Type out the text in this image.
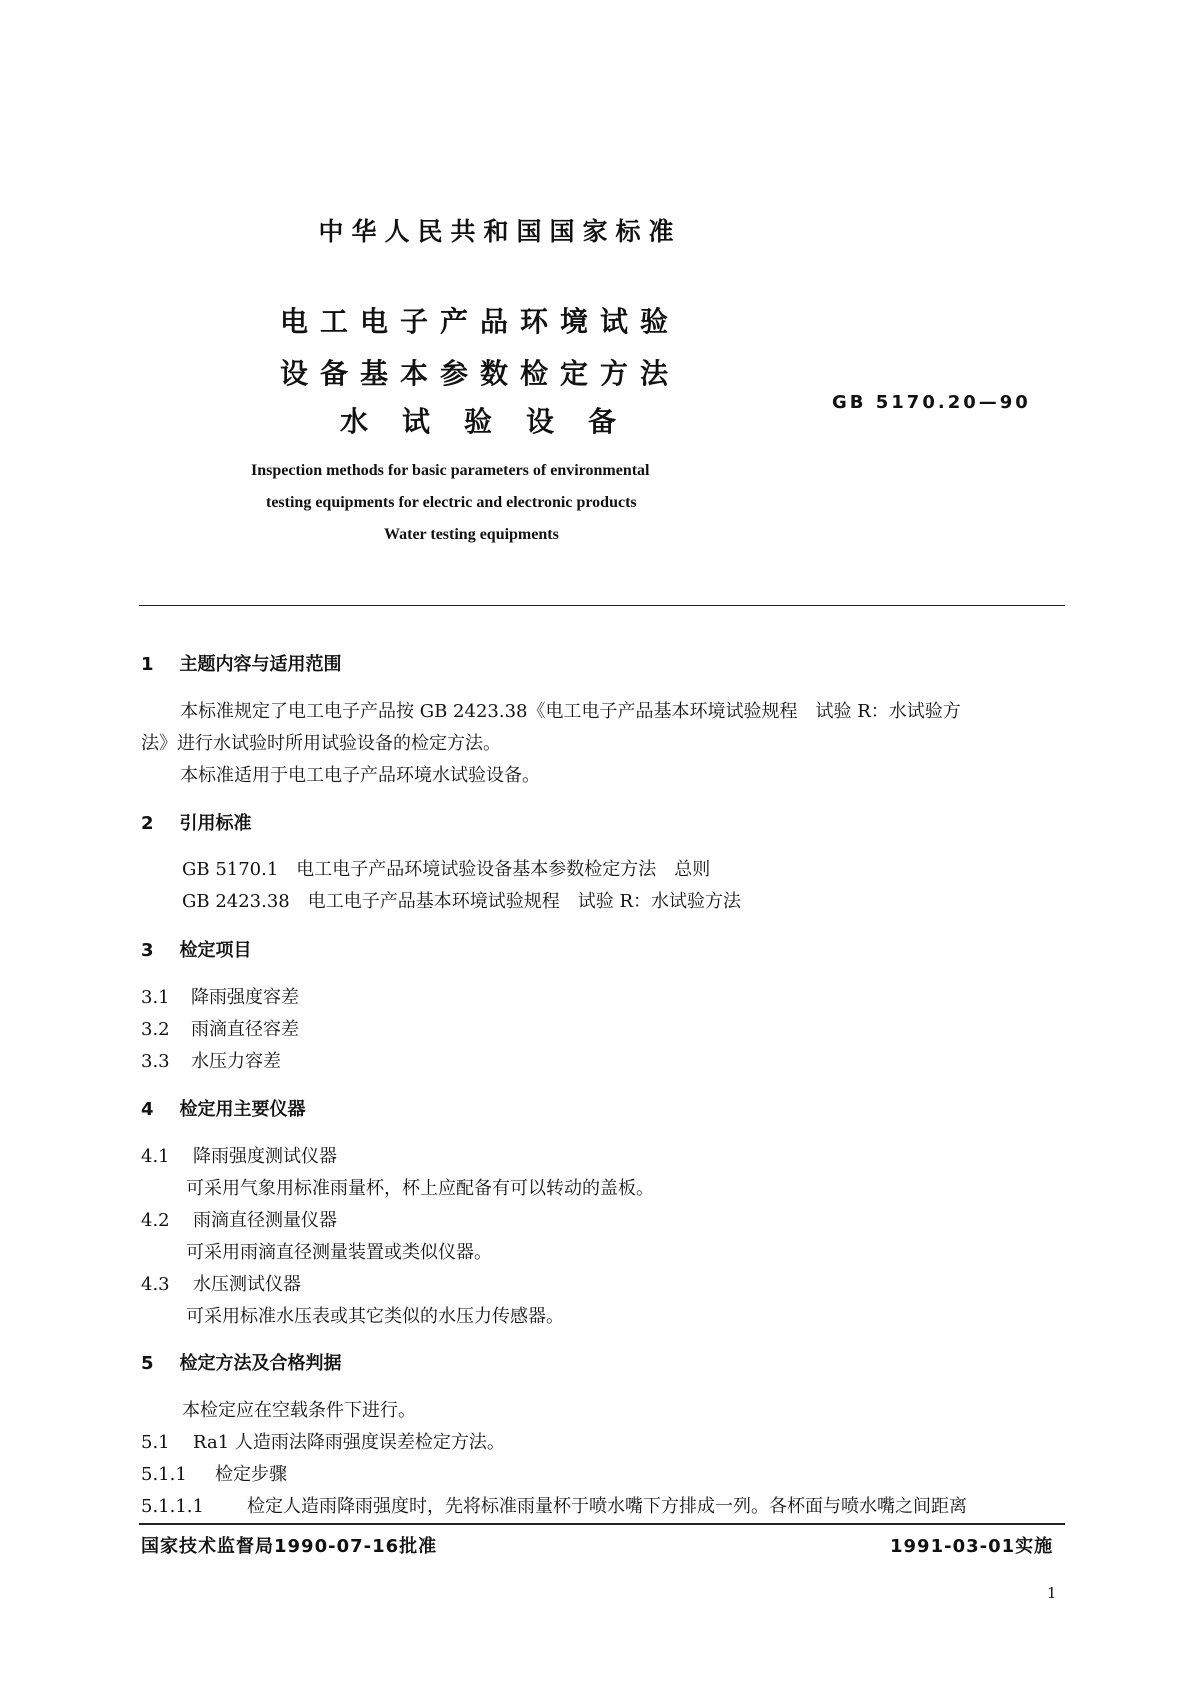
中华人民共和国国家标准
电工电子产品环境试验
设备基本参数检定方法
水试验设备
GB 5170.20—90
Inspection methods for basic parameters of environmental
testing equipments for electric and electronic products
Water testing equipments
1 主题内容与适用范围
本标准规定了电工电子产品按 GB 2423.38《电工电子产品基本环境试验规程　试验 R：水试验方
法》进行水试验时所用试验设备的检定方法。
本标准适用于电工电子产品环境水试验设备。
2 引用标准
GB 5170.1　电工电子产品环境试验设备基本参数检定方法　总则
GB 2423.38　电工电子产品基本环境试验规程　试验 R：水试验方法
3 检定项目
3.1 降雨强度容差
3.2 雨滴直径容差
3.3 水压力容差
4 检定用主要仪器
4.1 降雨强度测试仪器
可采用气象用标准雨量杯，杯上应配备有可以转动的盖板。
4.2 雨滴直径测量仪器
可采用雨滴直径测量装置或类似仪器。
4.3 水压测试仪器
可采用标准水压表或其它类似的水压力传感器。
5 检定方法及合格判据
本检定应在空载条件下进行。
5.1 Ra1 人造雨法降雨强度误差检定方法。
5.1.1 检定步骤
5.1.1.1 检定人造雨降雨强度时，先将标准雨量杯于喷水嘴下方排成一列。各杯面与喷水嘴之间距离
国家技术监督局1990-07-16批准	1991-03-01实施
1
